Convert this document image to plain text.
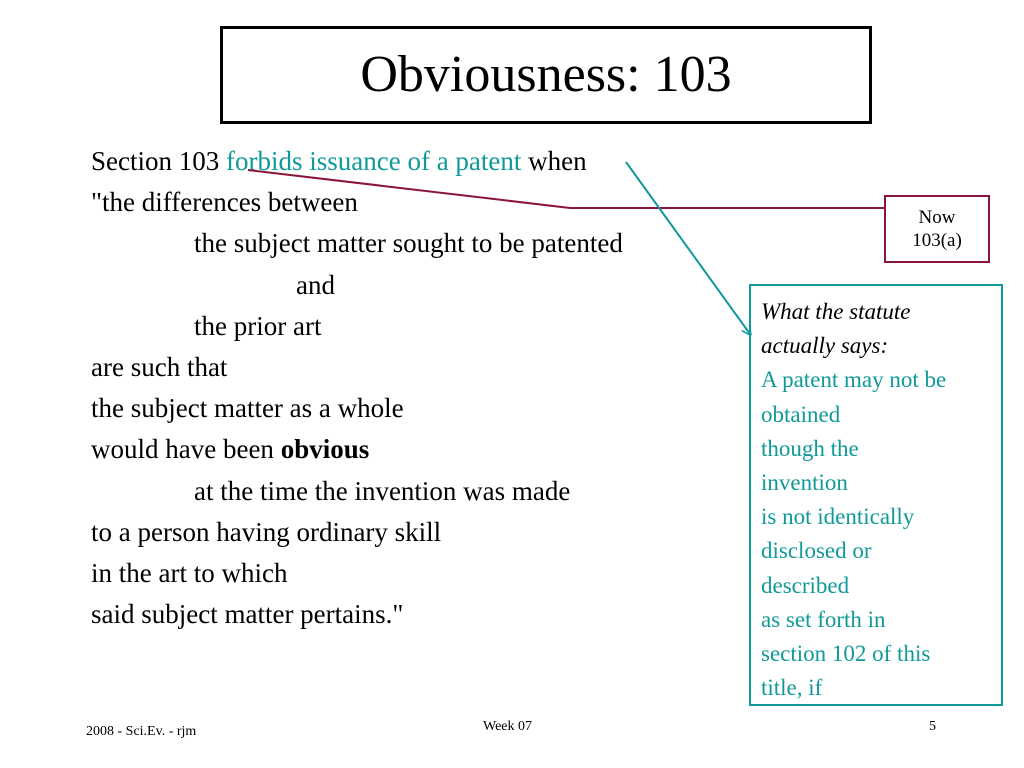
Obviousness: 103
Section 103 forbids issuance of a patent when
"the differences between
the subject matter sought to be patented
and
the prior art
are such that
the subject matter as a whole
would have been obvious
at the time the invention was made
to a person having ordinary skill
in the art to which
said subject matter pertains."
Now
103(a)
What the statute
actually says:
A patent may not be
obtained
though the
invention
is not identically
disclosed or
described
as set forth in
section 102 of this
title, if
2008 - Sci.Ev. - rjm	Week 07	5
